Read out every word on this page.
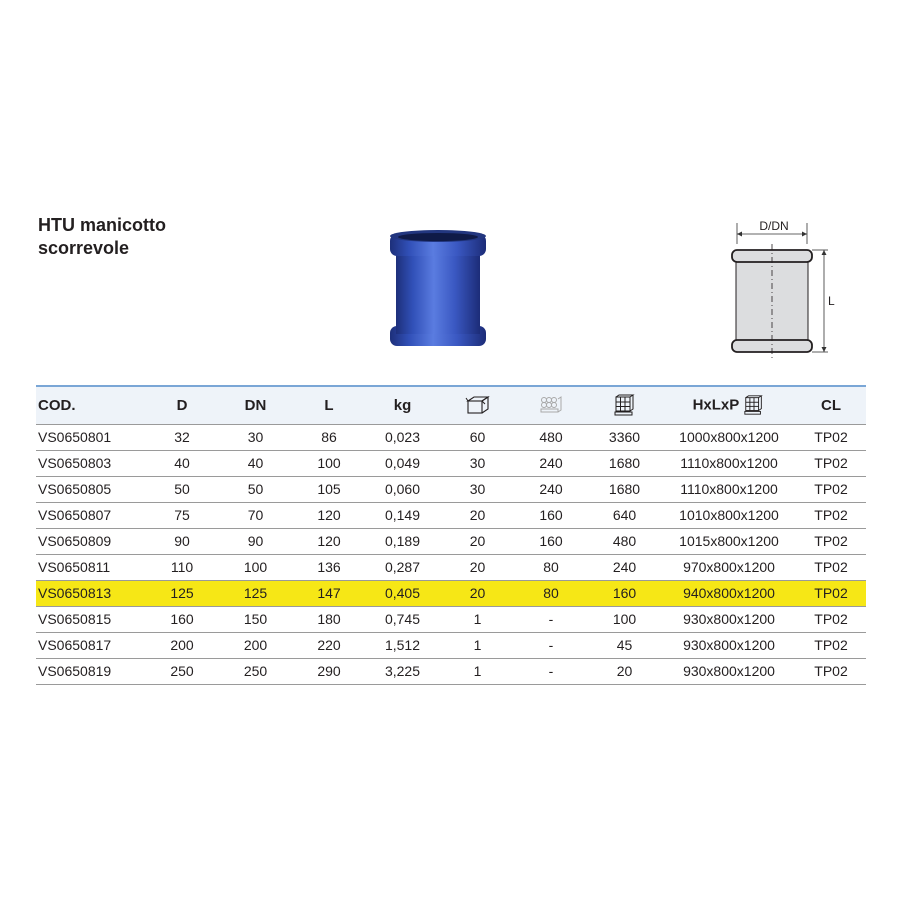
HTU manicotto
scorrevole
D/DN
L
COD.	D	DN	L	kg				HxLxP	CL
VS0650801	32	30	86	0,023	60	480	3360	1000x800x1200	TP02
VS0650803	40	40	100	0,049	30	240	1680	1110x800x1200	TP02
VS0650805	50	50	105	0,060	30	240	1680	1110x800x1200	TP02
VS0650807	75	70	120	0,149	20	160	640	1010x800x1200	TP02
VS0650809	90	90	120	0,189	20	160	480	1015x800x1200	TP02
VS0650811	110	100	136	0,287	20	80	240	970x800x1200	TP02
VS0650813	125	125	147	0,405	20	80	160	940x800x1200	TP02
VS0650815	160	150	180	0,745	1	-	100	930x800x1200	TP02
VS0650817	200	200	220	1,512	1	-	45	930x800x1200	TP02
VS0650819	250	250	290	3,225	1	-	20	930x800x1200	TP02
